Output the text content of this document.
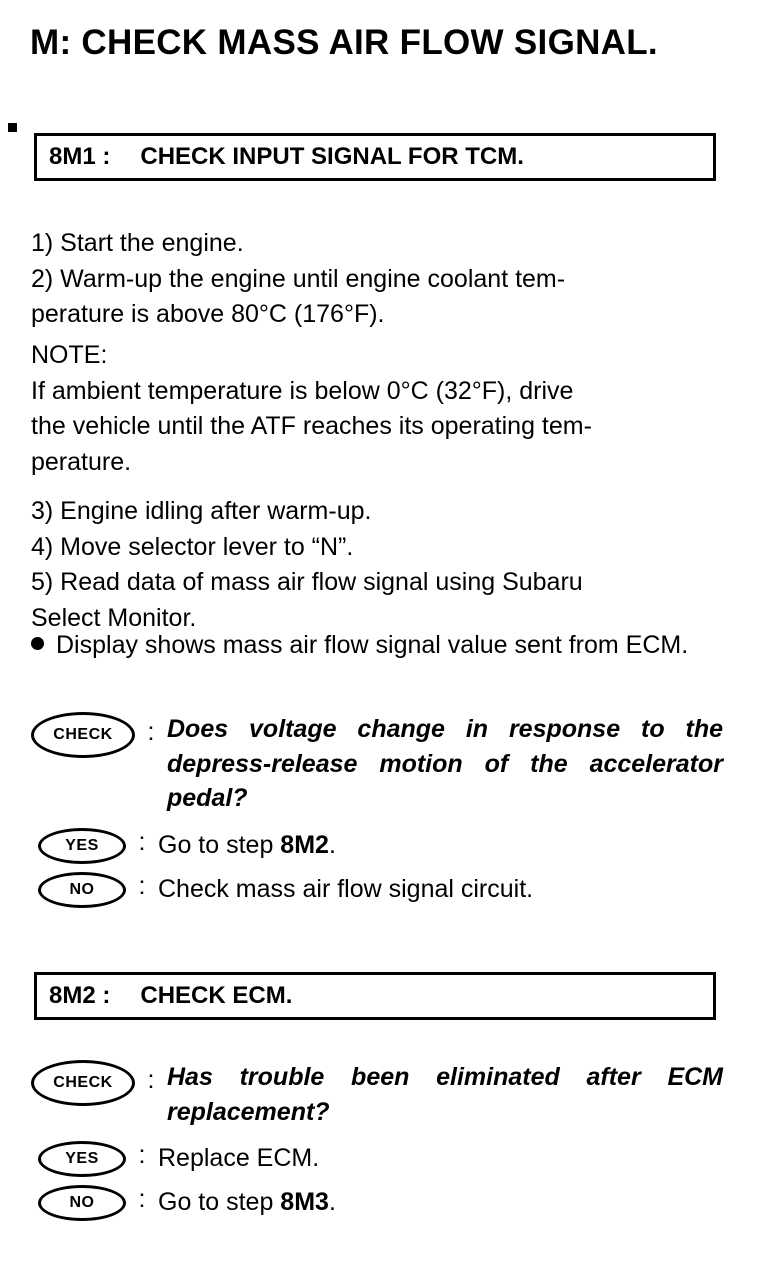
M: CHECK MASS AIR FLOW SIGNAL.
8M1 :	CHECK INPUT SIGNAL FOR TCM.
1) Start the engine.
2) Warm-up the engine until engine coolant tem-
perature is above 80°C (176°F).
NOTE:
If ambient temperature is below 0°C (32°F), drive
the vehicle until the ATF reaches its operating tem-
perature.
3) Engine idling after warm-up.
4) Move selector lever to “N”.
5) Read data of mass air flow signal using Subaru
Select Monitor.
Display shows mass air flow signal value sent from ECM.
CHECK	: Does voltage change in response to the depress-release motion of the accelerator pedal?
YES	: Go to step 8M2.
NO	: Check mass air flow signal circuit.
8M2 :	CHECK ECM.
CHECK	: Has trouble been eliminated after ECM replacement?
YES	: Replace ECM.
NO	: Go to step 8M3.
